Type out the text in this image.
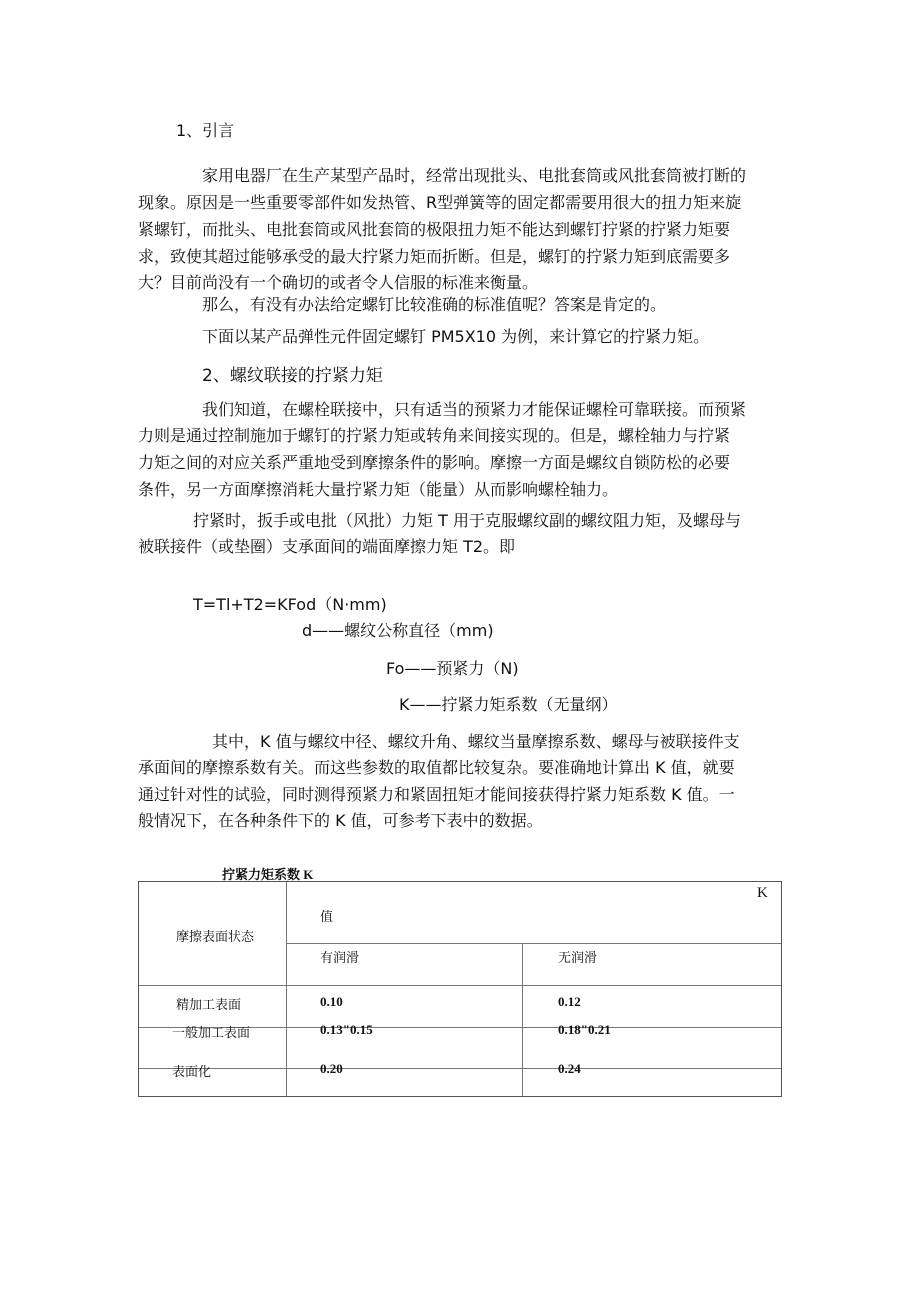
1、引言
家用电器厂在生产某型产品时，经常出现批头、电批套筒或风批套筒被打断的
现象。原因是一些重要零部件如发热管、R型弹簧等的固定都需要用很大的扭力矩来旋
紧螺钉，而批头、电批套筒或风批套筒的极限扭力矩不能达到螺钉拧紧的拧紧力矩要
求，致使其超过能够承受的最大拧紧力矩而折断。但是，螺钉的拧紧力矩到底需要多
大？目前尚没有一个确切的或者令人信服的标准来衡量。
那么，有没有办法给定螺钉比较准确的标准值呢？答案是肯定的。
下面以某产品弹性元件固定螺钉 PM5X10 为例，来计算它的拧紧力矩。
2、螺纹联接的拧紧力矩
我们知道，在螺栓联接中，只有适当的预紧力才能保证螺栓可靠联接。而预紧
力则是通过控制施加于螺钉的拧紧力矩或转角来间接实现的。但是，螺栓轴力与拧紧
力矩之间的对应关系严重地受到摩擦条件的影响。摩擦一方面是螺纹自锁防松的必要
条件，另一方面摩擦消耗大量拧紧力矩（能量）从而影响螺栓轴力。
拧紧时，扳手或电批（风批）力矩 T 用于克服螺纹副的螺纹阻力矩，及螺母与
被联接件（或垫圈）支承面间的端面摩擦力矩 T2。即
T=Tl+T2=KFod（N·mm)
d——螺纹公称直径（mm)
Fo——预紧力（N)
K——拧紧力矩系数（无量纲）
其中，K 值与螺纹中径、螺纹升角、螺纹当量摩擦系数、螺母与被联接件支
承面间的摩擦系数有关。而这些参数的取值都比较复杂。要准确地计算出 K 值，就要
通过针对性的试验，同时测得预紧力和紧固扭矩才能间接获得拧紧力矩系数 K 值。一
般情况下，在各种条件下的 K 值，可参考下表中的数据。
拧紧力矩系数 K
摩擦表面状态
K
值
有润滑	无润滑
精加工表面	0.10	0.12
一般加工表面	0.13"0.15	0.18"0.21
表面化	0.20	0.24
